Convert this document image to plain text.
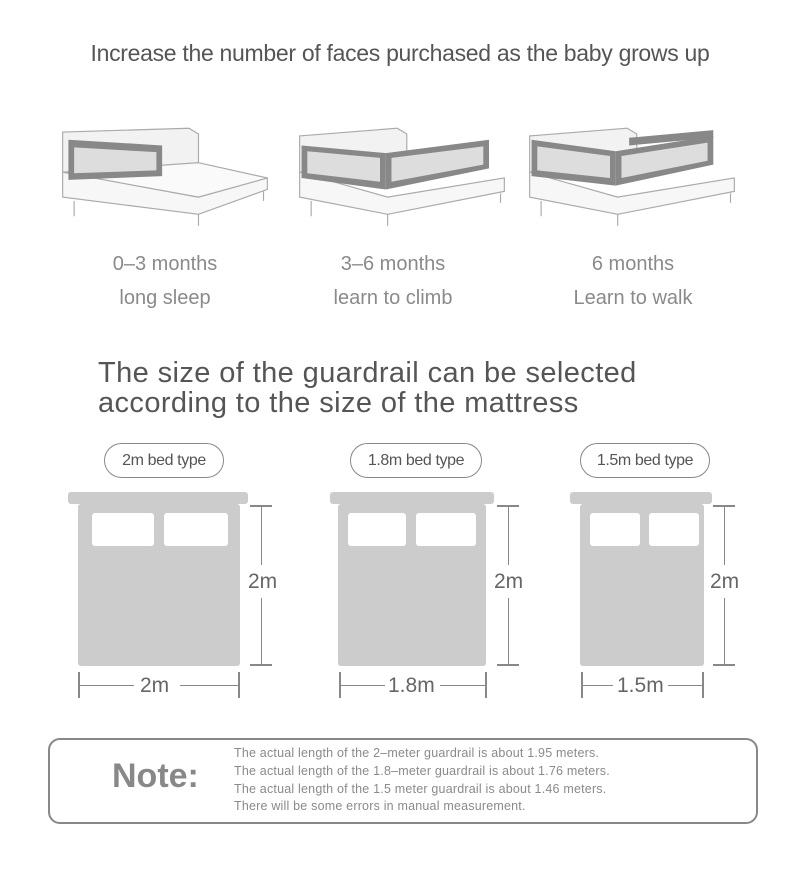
Increase the number of faces purchased as the baby grows up
0–3 months
long sleep
3–6 months
learn to climb
6 months
Learn to walk
The size of the guardrail can be selected
according to the size of the mattress
2m bed type	1.8m bed type	1.5m bed type
2m
2m
2m
1.8m
2m
1.5m
Note:
The actual length of the 2–meter guardrail is about 1.95 meters.
The actual length of the 1.8–meter guardrail is about 1.76 meters.
The actual length of the 1.5 meter guardrail is about 1.46 meters.
There will be some errors in manual measurement.
